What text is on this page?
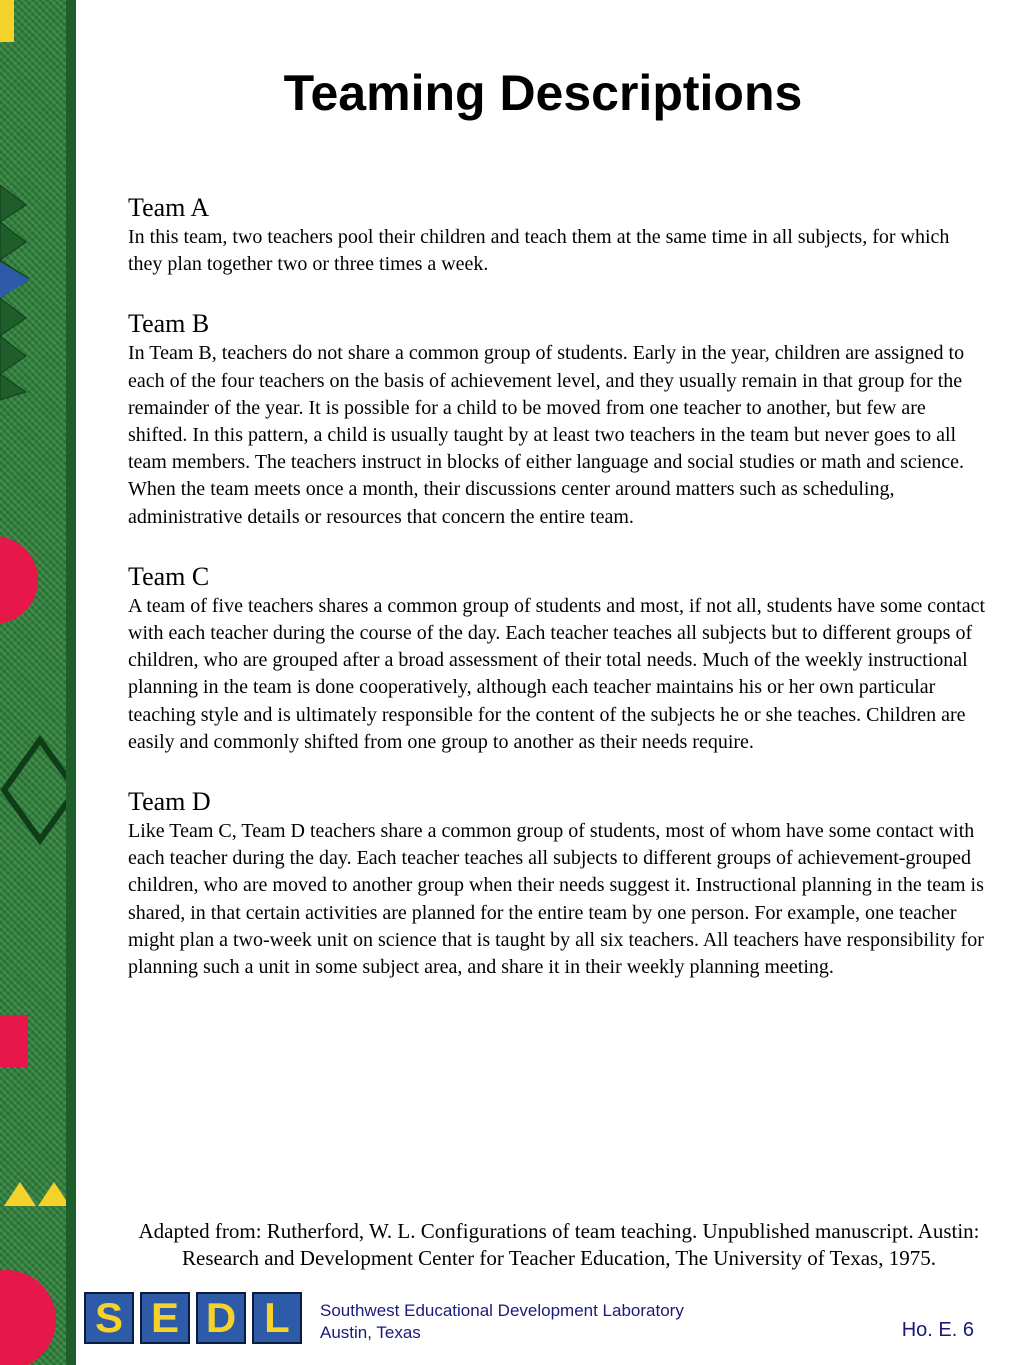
Teaming Descriptions
Team A
In this team, two teachers pool their children and teach them at the same time in all subjects, for which they plan together two or three times a week.
Team B
In Team B, teachers do not share a common group of students. Early in the year, children are assigned to each of the four teachers on the basis of achievement level, and they usually remain in that group for the remainder of the year. It is possible for a child to be moved from one teacher to another, but few are shifted. In this pattern, a child is usually taught by at least two teachers in the team but never goes to all team members. The teachers instruct in blocks of either language and social studies or math and science. When the team meets once a month, their discussions center around matters such as scheduling, administrative details or resources that concern the entire team.
Team C
A team of five teachers shares a common group of students and most, if not all, students have some contact with each teacher during the course of the day. Each teacher teaches all subjects but to different groups of children, who are grouped after a broad assessment of their total needs. Much of the weekly instructional planning in the team is done cooperatively, although each teacher maintains his or her own particular teaching style and is ultimately responsible for the content of the subjects he or she teaches. Children are easily and commonly shifted from one group to another as their needs require.
Team D
Like Team C, Team D teachers share a common group of students, most of whom have some contact with each teacher during the day. Each teacher teaches all subjects to different groups of achievement-grouped children, who are moved to another group when their needs suggest it. Instructional planning in the team is shared, in that certain activities are planned for the entire team by one person. For example, one teacher might plan a two-week unit on science that is taught by all six teachers. All teachers have responsibility for planning such a unit in some subject area, and share it in their weekly planning meeting.
Adapted from: Rutherford, W. L. Configurations of team teaching. Unpublished manuscript. Austin: Research and Development Center for Teacher Education, The University of Texas, 1975.
S E D L	Southwest Educational Development Laboratory
Austin, Texas	Ho. E. 6
